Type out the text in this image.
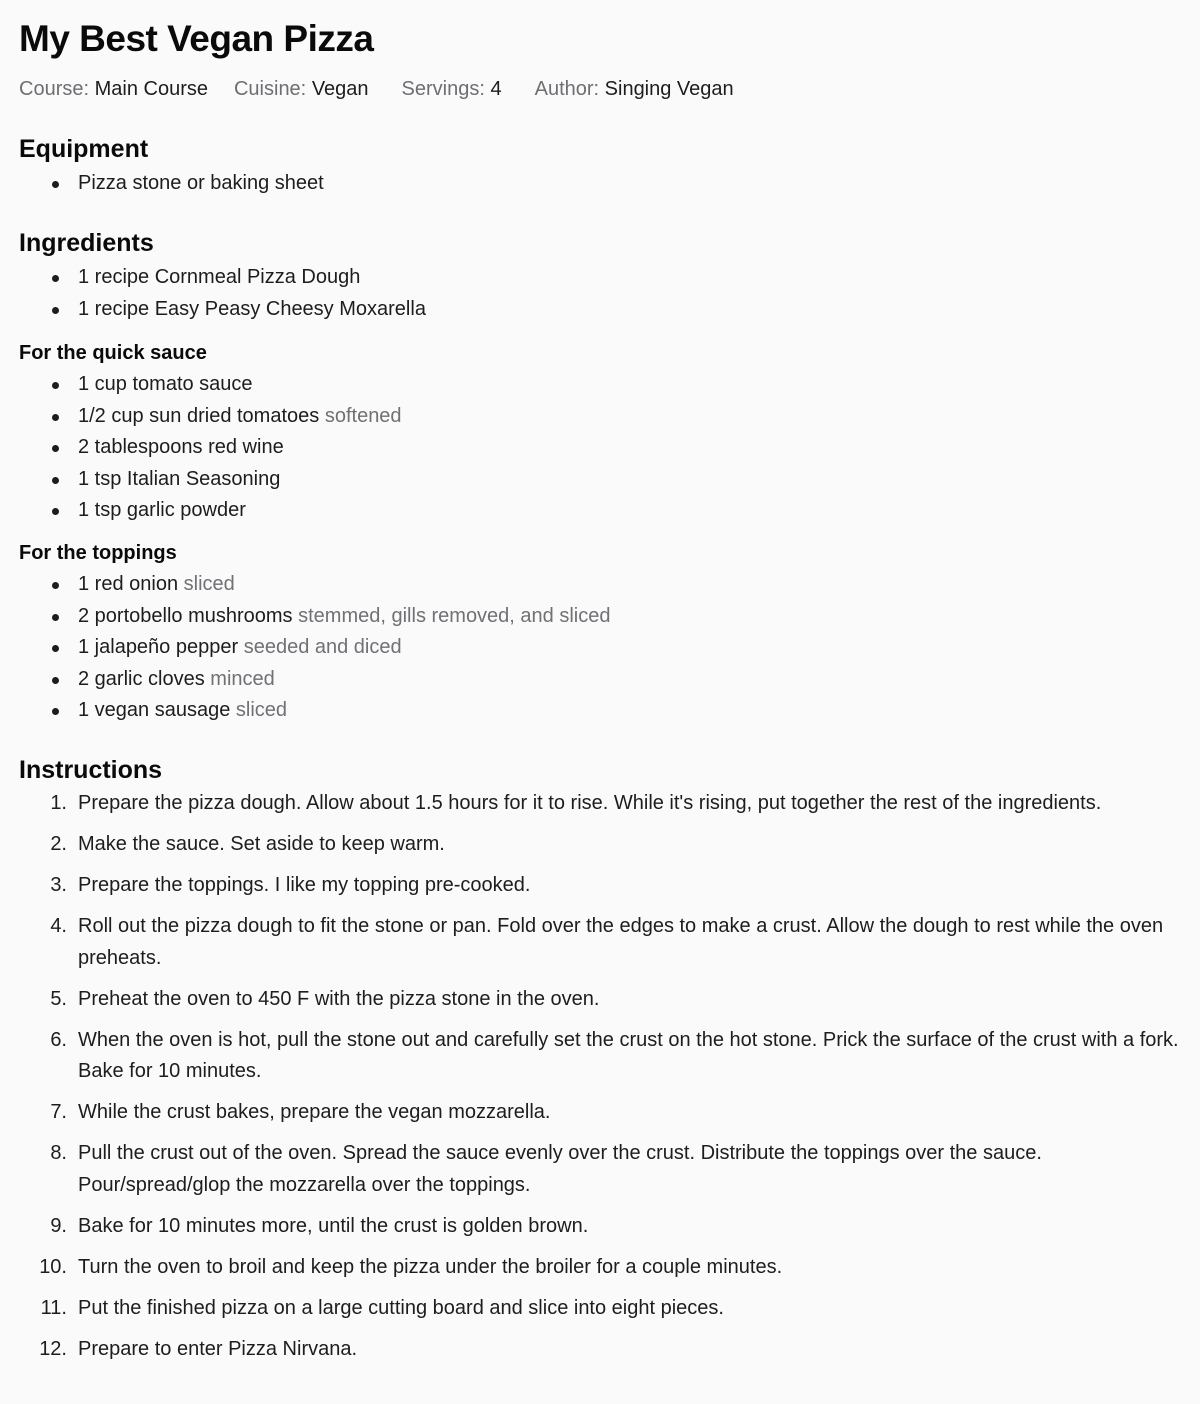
My Best Vegan Pizza
Course: Main Course Cuisine: Vegan Servings: 4 Author: Singing Vegan
Equipment
Pizza stone or baking sheet
Ingredients
1 recipe Cornmeal Pizza Dough
1 recipe Easy Peasy Cheesy Moxarella
For the quick sauce
1 cup tomato sauce
1/2 cup sun dried tomatoes softened
2 tablespoons red wine
1 tsp Italian Seasoning
1 tsp garlic powder
For the toppings
1 red onion sliced
2 portobello mushrooms stemmed, gills removed, and sliced
1 jalapeño pepper seeded and diced
2 garlic cloves minced
1 vegan sausage sliced
Instructions
1. Prepare the pizza dough. Allow about 1.5 hours for it to rise. While it's rising, put together the rest of the ingredients.
2. Make the sauce. Set aside to keep warm.
3. Prepare the toppings. I like my topping pre-cooked.
4. Roll out the pizza dough to fit the stone or pan. Fold over the edges to make a crust. Allow the dough to rest while the oven preheats.
5. Preheat the oven to 450 F with the pizza stone in the oven.
6. When the oven is hot, pull the stone out and carefully set the crust on the hot stone. Prick the surface of the crust with a fork. Bake for 10 minutes.
7. While the crust bakes, prepare the vegan mozzarella.
8. Pull the crust out of the oven. Spread the sauce evenly over the crust. Distribute the toppings over the sauce. Pour/spread/glop the mozzarella over the toppings.
9. Bake for 10 minutes more, until the crust is golden brown.
10. Turn the oven to broil and keep the pizza under the broiler for a couple minutes.
11. Put the finished pizza on a large cutting board and slice into eight pieces.
12. Prepare to enter Pizza Nirvana.
